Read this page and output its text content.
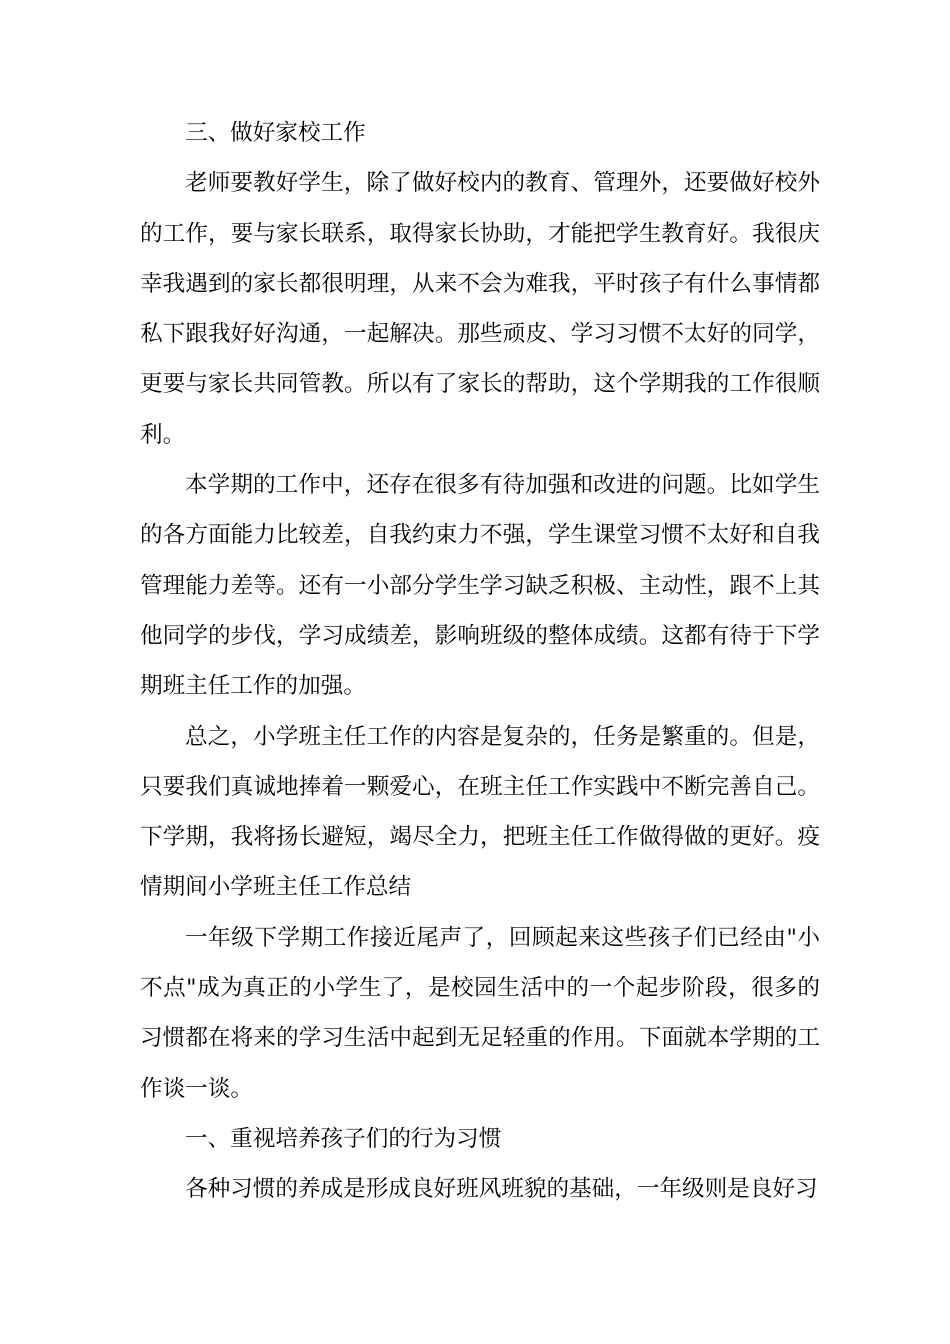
三、做好家校工作

老师要教好学生，除了做好校内的教育、管理外，还要做好校外的工作，要与家长联系，取得家长协助，才能把学生教育好。我很庆幸我遇到的家长都很明理，从来不会为难我，平时孩子有什么事情都私下跟我好好沟通，一起解决。那些顽皮、学习习惯不太好的同学，更要与家长共同管教。所以有了家长的帮助，这个学期我的工作很顺利。

本学期的工作中，还存在很多有待加强和改进的问题。比如学生的各方面能力比较差，自我约束力不强，学生课堂习惯不太好和自我管理能力差等。还有一小部分学生学习缺乏积极、主动性，跟不上其他同学的步伐，学习成绩差，影响班级的整体成绩。这都有待于下学期班主任工作的加强。

总之，小学班主任工作的内容是复杂的，任务是繁重的。但是，只要我们真诚地捧着一颗爱心，在班主任工作实践中不断完善自己。下学期，我将扬长避短，竭尽全力，把班主任工作做得做的更好。疫情期间小学班主任工作总结

一年级下学期工作接近尾声了，回顾起来这些孩子们已经由"小不点"成为真正的小学生了，是校园生活中的一个起步阶段，很多的习惯都在将来的学习生活中起到无足轻重的作用。下面就本学期的工作谈一谈。

一、重视培养孩子们的行为习惯

各种习惯的养成是形成良好班风班貌的基础，一年级则是良好习
